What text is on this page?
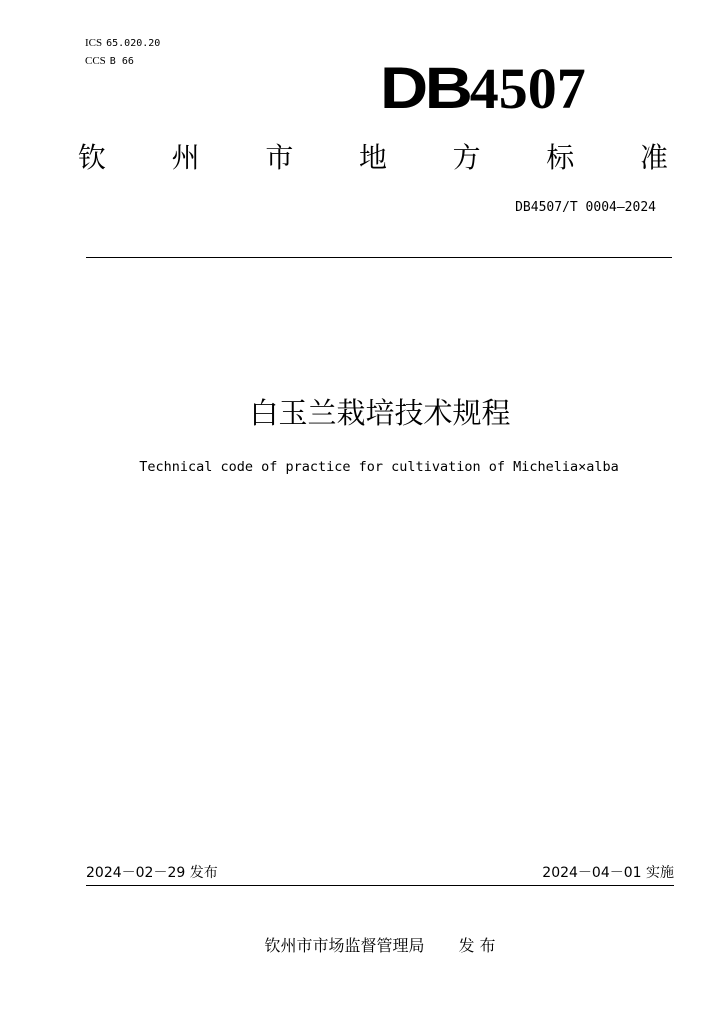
ICS 65.020.20
CCS B 66	DB4507
钦 州 市 地 方 标 准
DB4507/T 0004—2024
白玉兰栽培技术规程
Technical code of practice for cultivation of Michelia×alba
2024－02－29 发布	2024－04－01 实施
钦州市市场监督管理局 发 布
